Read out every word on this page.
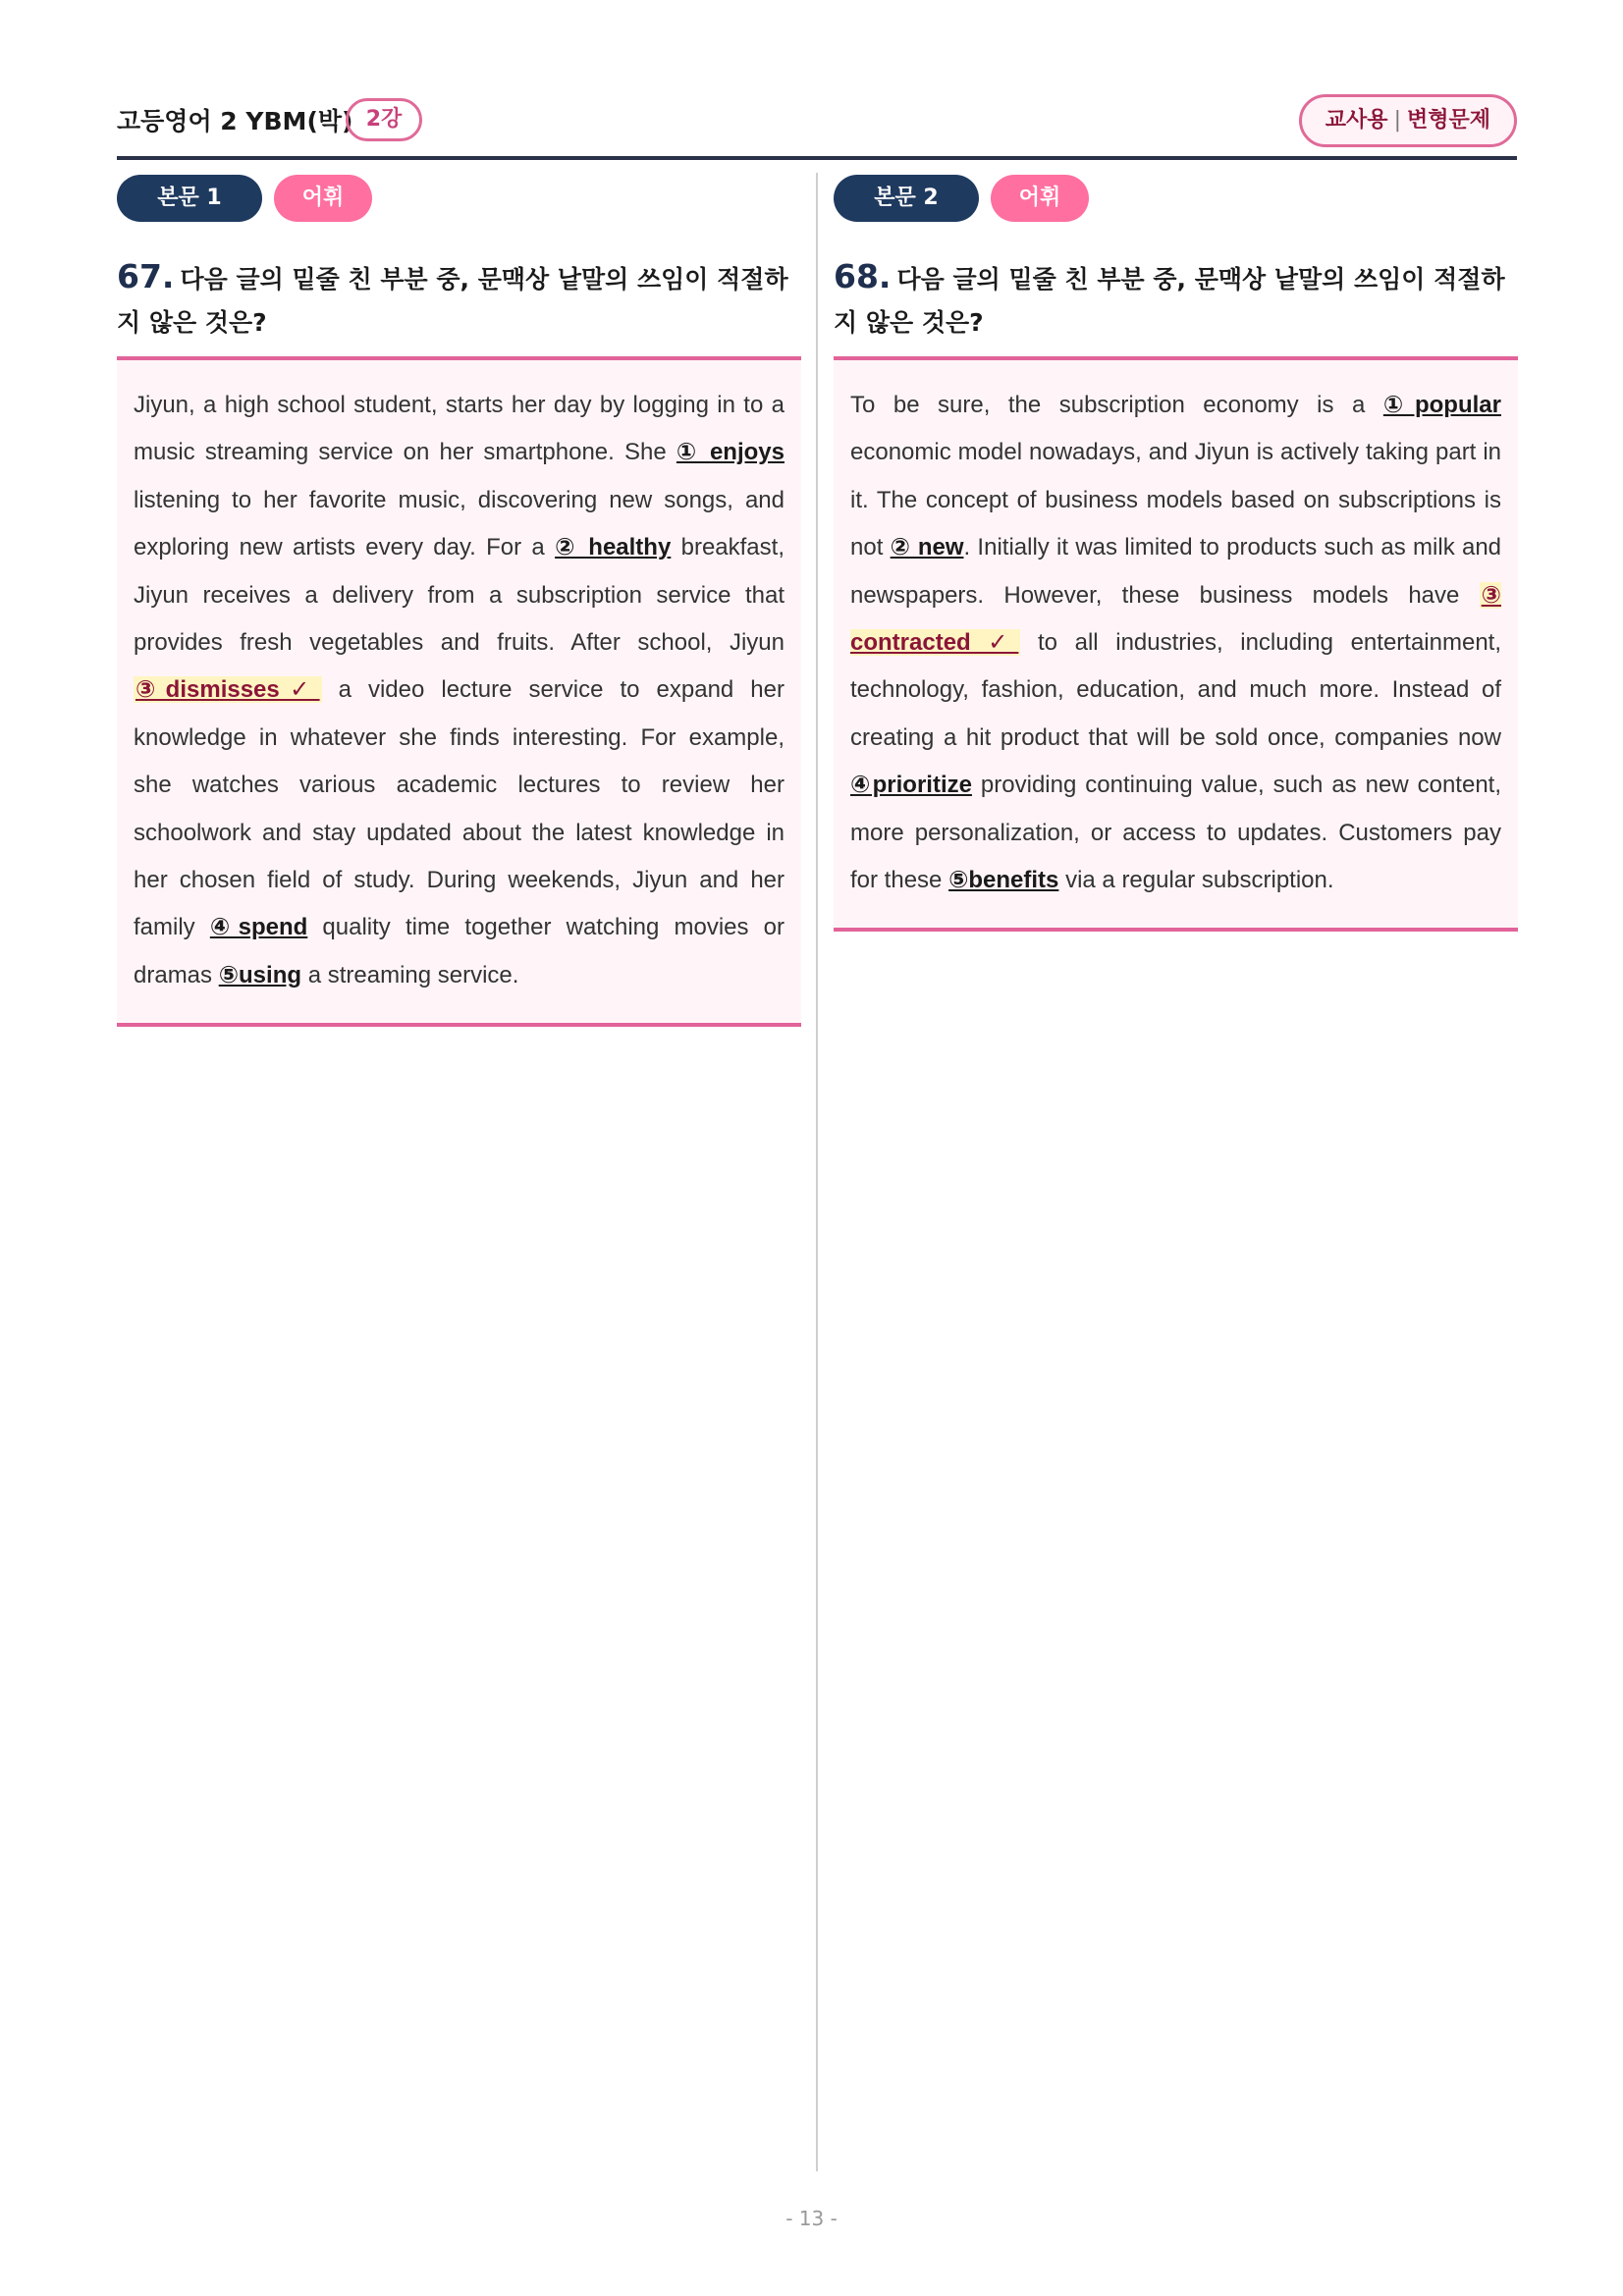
고등영어 2 YBM(박) 2강	교사용 | 변형문제
본문 1	어휘
67. 다음 글의 밑줄 친 부분 중, 문맥상 낱말의 쓰임이 적절하지 않은 것은?
Jiyun, a high school student, starts her day by logging in to a music streaming service on her smartphone. She ① enjoys listening to her favorite music, discovering new songs, and exploring new artists every day. For a ② healthy breakfast, Jiyun receives a delivery from a subscription service that provides fresh vegetables and fruits. After school, Jiyun ③dismisses✓ a video lecture service to expand her knowledge in whatever she finds interesting. For example, she watches various academic lectures to review her schoolwork and stay updated about the latest knowledge in her chosen field of study. During weekends, Jiyun and her family ④spend quality time together watching movies or dramas ⑤using a streaming service.
본문 2	어휘
68. 다음 글의 밑줄 친 부분 중, 문맥상 낱말의 쓰임이 적절하지 않은 것은?
To be sure, the subscription economy is a ①popular economic model nowadays, and Jiyun is actively taking part in it. The concept of business models based on subscriptions is not ② new. Initially it was limited to products such as milk and newspapers. However, these business models have ③ contracted ✓ to all industries, including entertainment, technology, fashion, education, and much more. Instead of creating a hit product that will be sold once, companies now ④prioritize providing continuing value, such as new content, more personalization, or access to updates. Customers pay for these ⑤benefits via a regular subscription.
- 13 -
